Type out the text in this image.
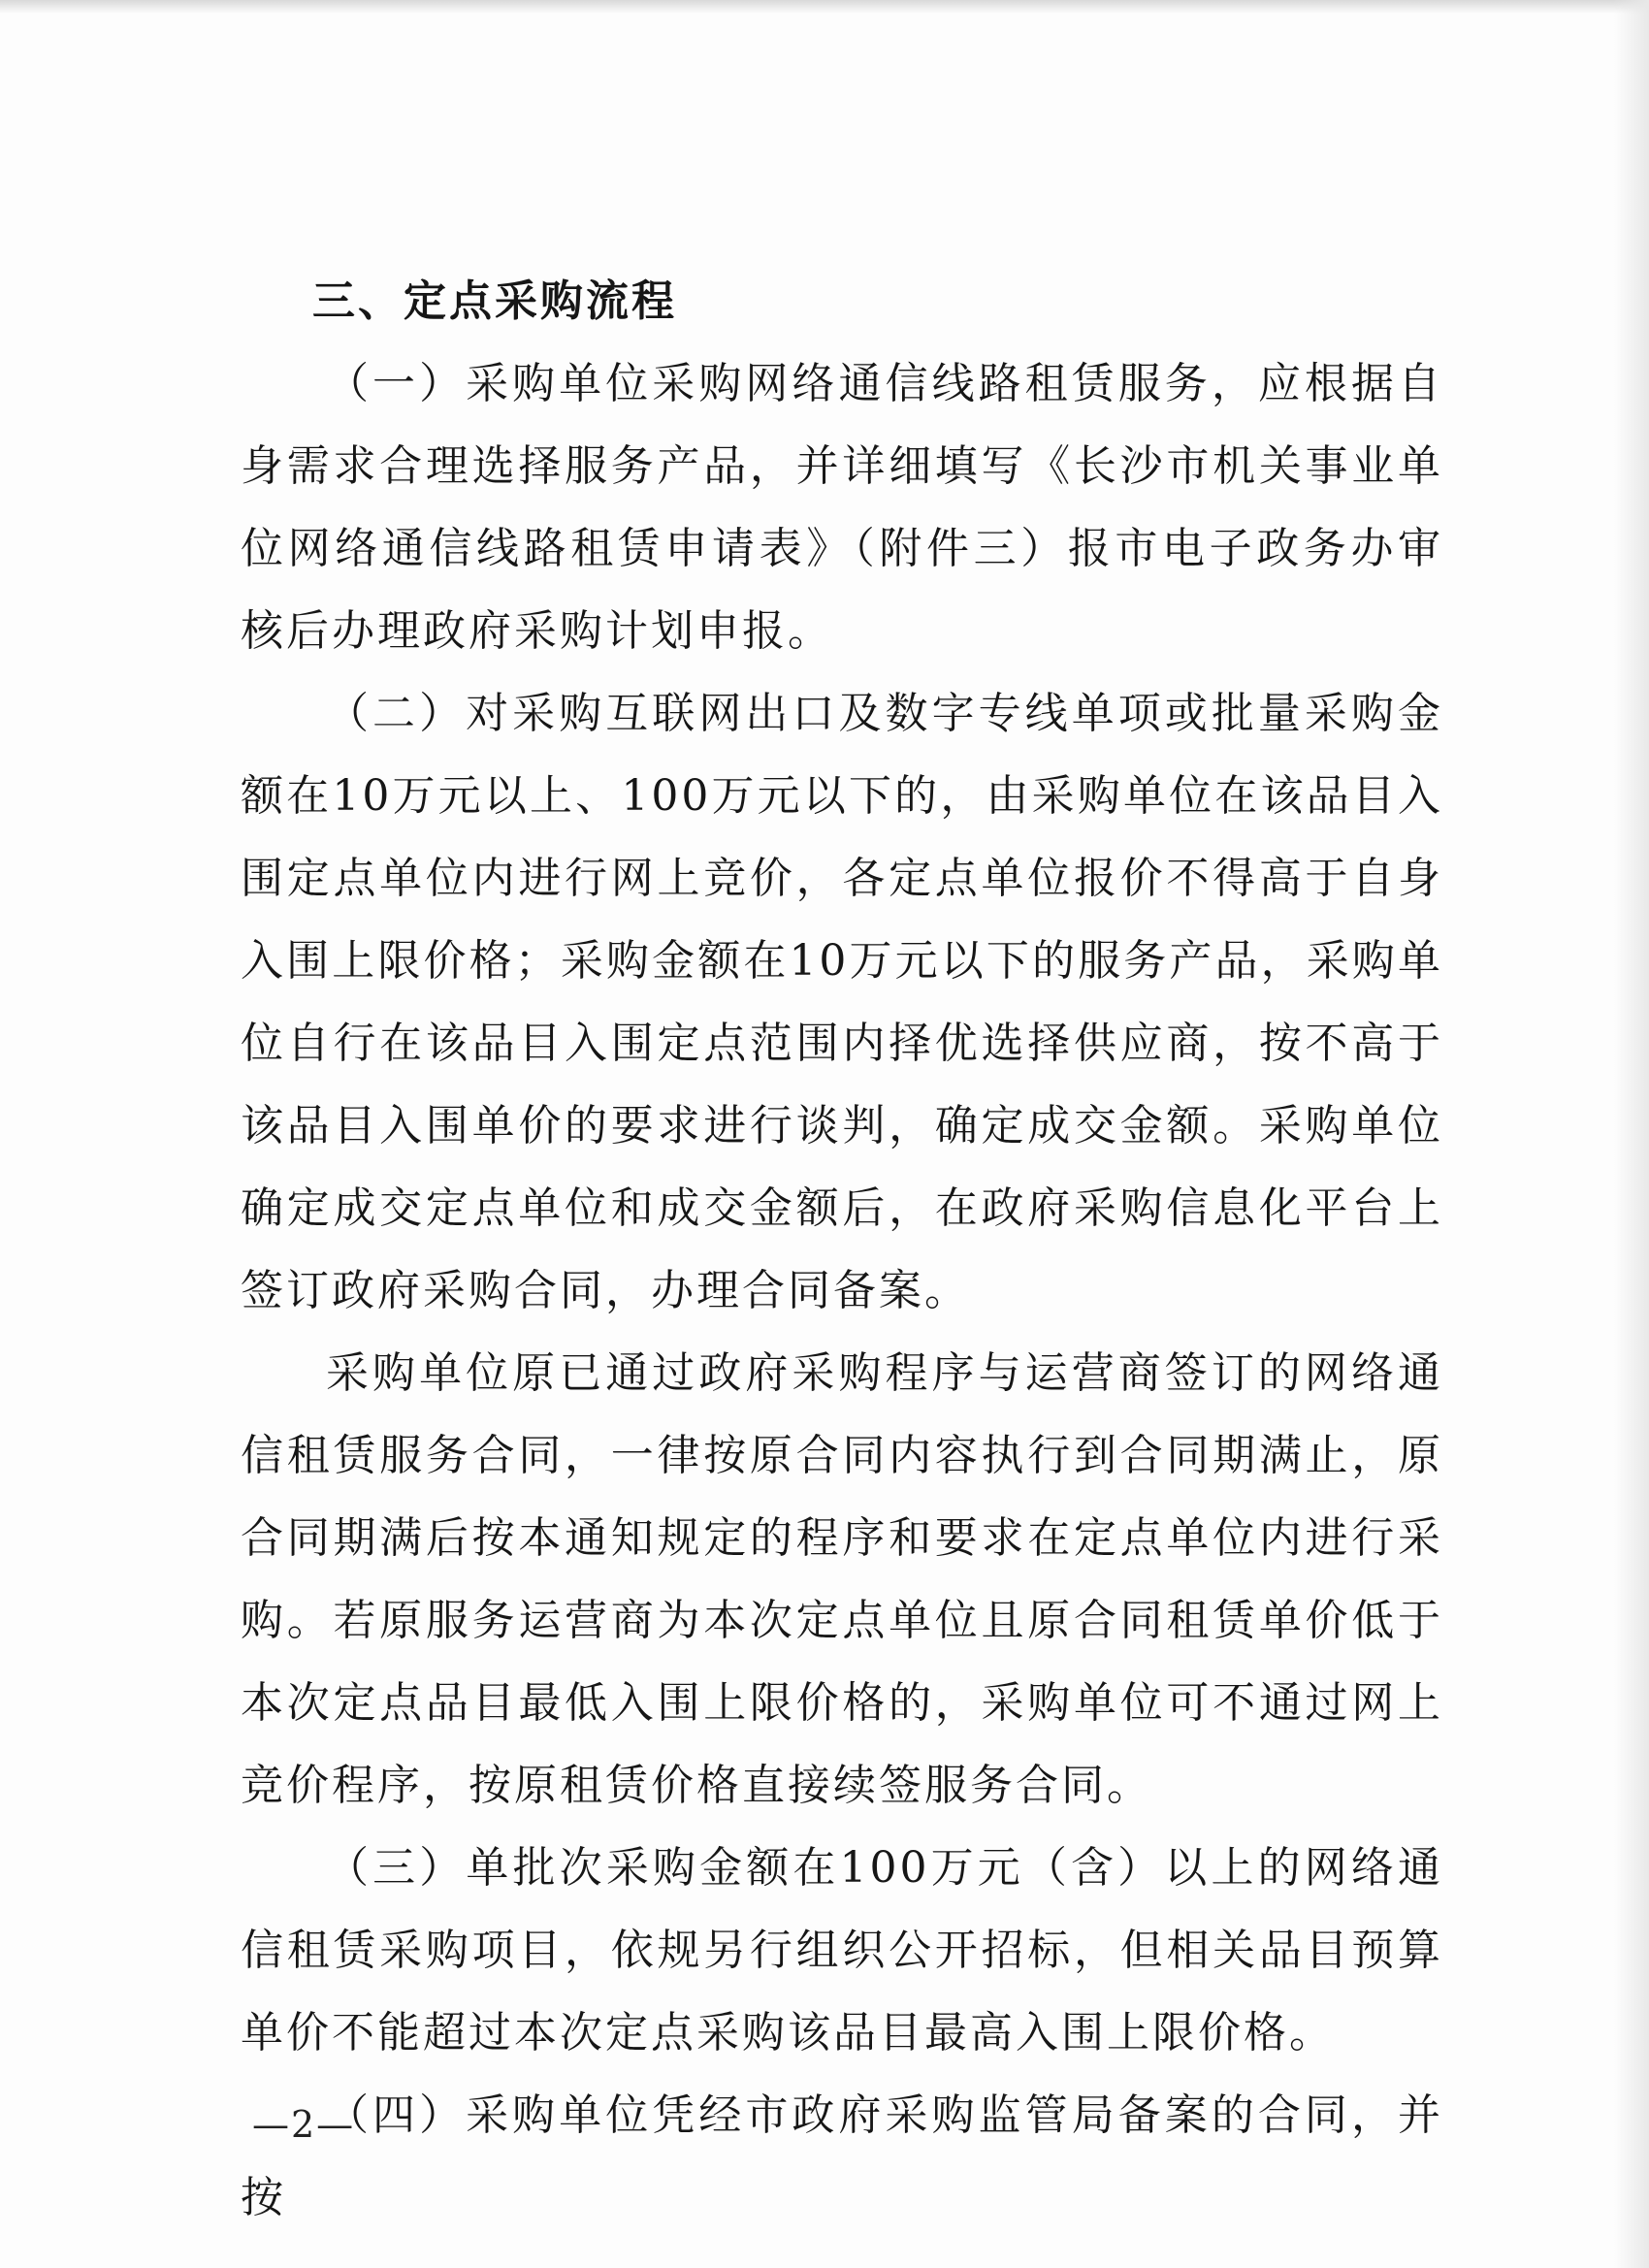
三、定点采购流程

（一）采购单位采购网络通信线路租赁服务，应根据自身需求合理选择服务产品，并详细填写《长沙市机关事业单位网络通信线路租赁申请表》（附件三）报市电子政务办审核后办理政府采购计划申报。

（二）对采购互联网出口及数字专线单项或批量采购金额在10万元以上、100万元以下的，由采购单位在该品目入围定点单位内进行网上竞价，各定点单位报价不得高于自身入围上限价格；采购金额在10万元以下的服务产品，采购单位自行在该品目入围定点范围内择优选择供应商，按不高于该品目入围单价的要求进行谈判，确定成交金额。采购单位确定成交定点单位和成交金额后，在政府采购信息化平台上签订政府采购合同，办理合同备案。

采购单位原已通过政府采购程序与运营商签订的网络通信租赁服务合同，一律按原合同内容执行到合同期满止，原合同期满后按本通知规定的程序和要求在定点单位内进行采购。若原服务运营商为本次定点单位且原合同租赁单价低于本次定点品目最低入围上限价格的，采购单位可不通过网上竞价程序，按原租赁价格直接续签服务合同。

（三）单批次采购金额在100万元（含）以上的网络通信租赁采购项目，依规另行组织公开招标，但相关品目预算单价不能超过本次定点采购该品目最高入围上限价格。

（四）采购单位凭经市政府采购监管局备案的合同，并按

—2—
